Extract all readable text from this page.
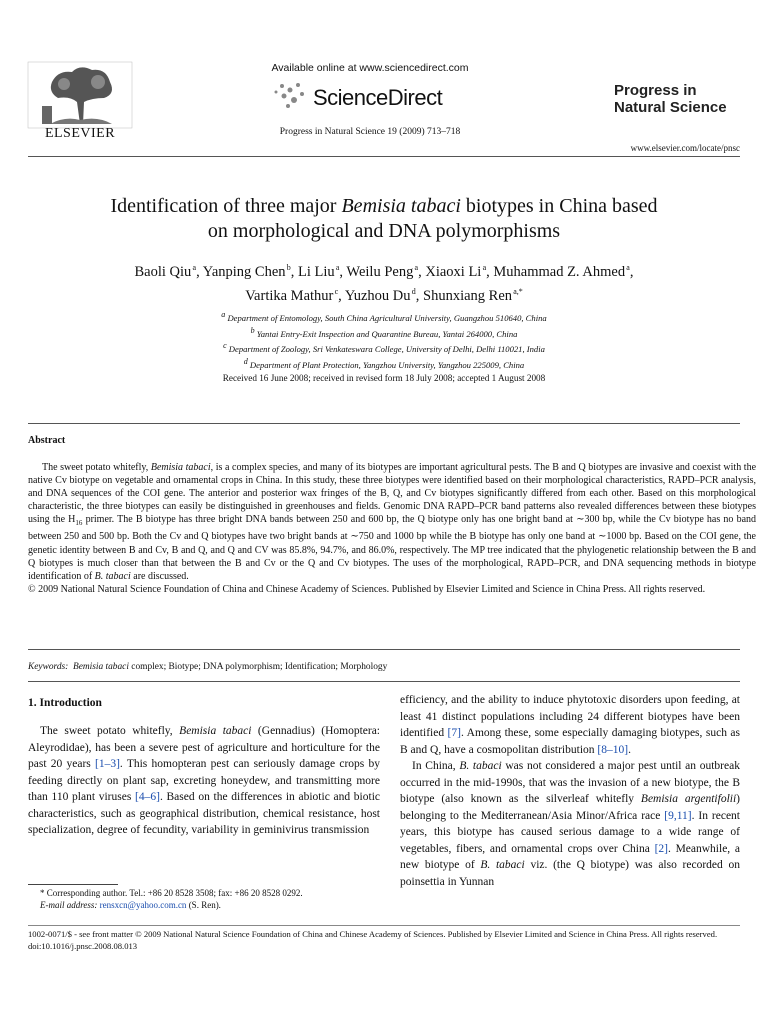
ELSEVIER
Available online at www.sciencedirect.com
ScienceDirect
Progress in Natural Science 19 (2009) 713–718
Progress in
Natural Science
www.elsevier.com/locate/pnsc
Identification of three major Bemisia tabaci biotypes in China based
on morphological and DNA polymorphisms
Baoli Qiu $^a$, Yanping Chen $^b$, Li Liu $^a$, Weilu Peng $^a$, Xiaoxi Li $^a$, Muhammad Z. Ahmed $^a$,
Vartika Mathur $^c$, Yuzhou Du $^d$, Shunxiang Ren $^{a,*}$
$^a$ Department of Entomology, South China Agricultural University, Guangzhou 510640, China
$^b$ Yantai Entry-Exit Inspection and Quarantine Bureau, Yantai 264000, China
$^c$ Department of Zoology, Sri Venkateswara College, University of Delhi, Delhi 110021, India
$^d$ Department of Plant Protection, Yangzhou University, Yangzhou 225009, China
Received 16 June 2008; received in revised form 18 July 2008; accepted 1 August 2008
Abstract

The sweet potato whitefly, Bemisia tabaci, is a complex species, and many of its biotypes are important agricultural pests. The B and Q biotypes are invasive and coexist with the native Cv biotype on vegetable and ornamental crops in China. In this study, these three biotypes were identified based on their morphological characteristics, RAPD–PCR analysis, and DNA sequences of the COI gene. The anterior and posterior wax fringes of the B, Q, and Cv biotypes significantly differed from each other. Based on this morphological characteristic, the three biotypes can easily be distinguished in greenhouses and fields. Genomic DNA RAPD–PCR band patterns also revealed differences between these biotypes using the $H_{16}$ primer. The B biotype has three bright DNA bands between 250 and 600 bp, the Q biotype only has one bright band at ∼300 bp, while the Cv biotype has no band between 250 and 500 bp. Both the Cv and Q biotypes have two bright bands at ∼750 and 1000 bp while the B biotype has only one band at ∼1000 bp. Based on the COI gene, the genetic identity between B and Cv, B and Q, and Q and CV was 85.8%, 94.7%, and 86.0%, respectively. The MP tree indicated that the phylogenetic relationship between the B and Q biotypes is much closer than that between the B and Cv or the Q and Cv biotypes. The uses of the morphological, RAPD–PCR, and DNA sequencing methods in biotype identification of B. tabaci are discussed.

© 2009 National Natural Science Foundation of China and Chinese Academy of Sciences. Published by Elsevier Limited and Science in China Press. All rights reserved.

Keywords: Bemisia tabaci complex; Biotype; DNA polymorphism; Identification; Morphology
1. Introduction

The sweet potato whitefly, Bemisia tabaci (Gennadius) (Homoptera: Aleyrodidae), has been a severe pest of agriculture and horticulture for the past 20 years [1–3]. This homopteran pest can seriously damage crops by feeding directly on plant sap, excreting honeydew, and transmitting more than 110 plant viruses [4–6]. Based on the differences in abiotic and biotic characteristics, such as geographical distribution, chemical resistance, host specialization, degree of fecundity, variability in geminivirus transmission

efficiency, and the ability to induce phytotoxic disorders upon feeding, at least 41 distinct populations including 24 different biotypes have been identified [7]. Among these, some especially damaging biotypes, such as B and Q, have a cosmopolitan distribution [8–10].

In China, B. tabaci was not considered a major pest until an outbreak occurred in the mid-1990s, that was the invasion of a new biotype, the B biotype (also known as the silverleaf whitefly Bemisia argentifolii) belonging to the Mediterranean/Asia Minor/Africa race [9,11]. In recent years, this biotype has caused serious damage to a wide range of vegetables, fibers, and ornamental crops over China [2]. Meanwhile, a new biotype of B. tabaci viz. (the Q biotype) was also recorded on poinsettia in Yunnan

* Corresponding author. Tel.: +86 20 8528 3508; fax: +86 20 8528 0292.
E-mail address: rensxcn@yahoo.com.cn (S. Ren).
1002-0071/$ - see front matter © 2009 National Natural Science Foundation of China and Chinese Academy of Sciences. Published by Elsevier Limited and Science in China Press. All rights reserved.
doi:10.1016/j.pnsc.2008.08.013
